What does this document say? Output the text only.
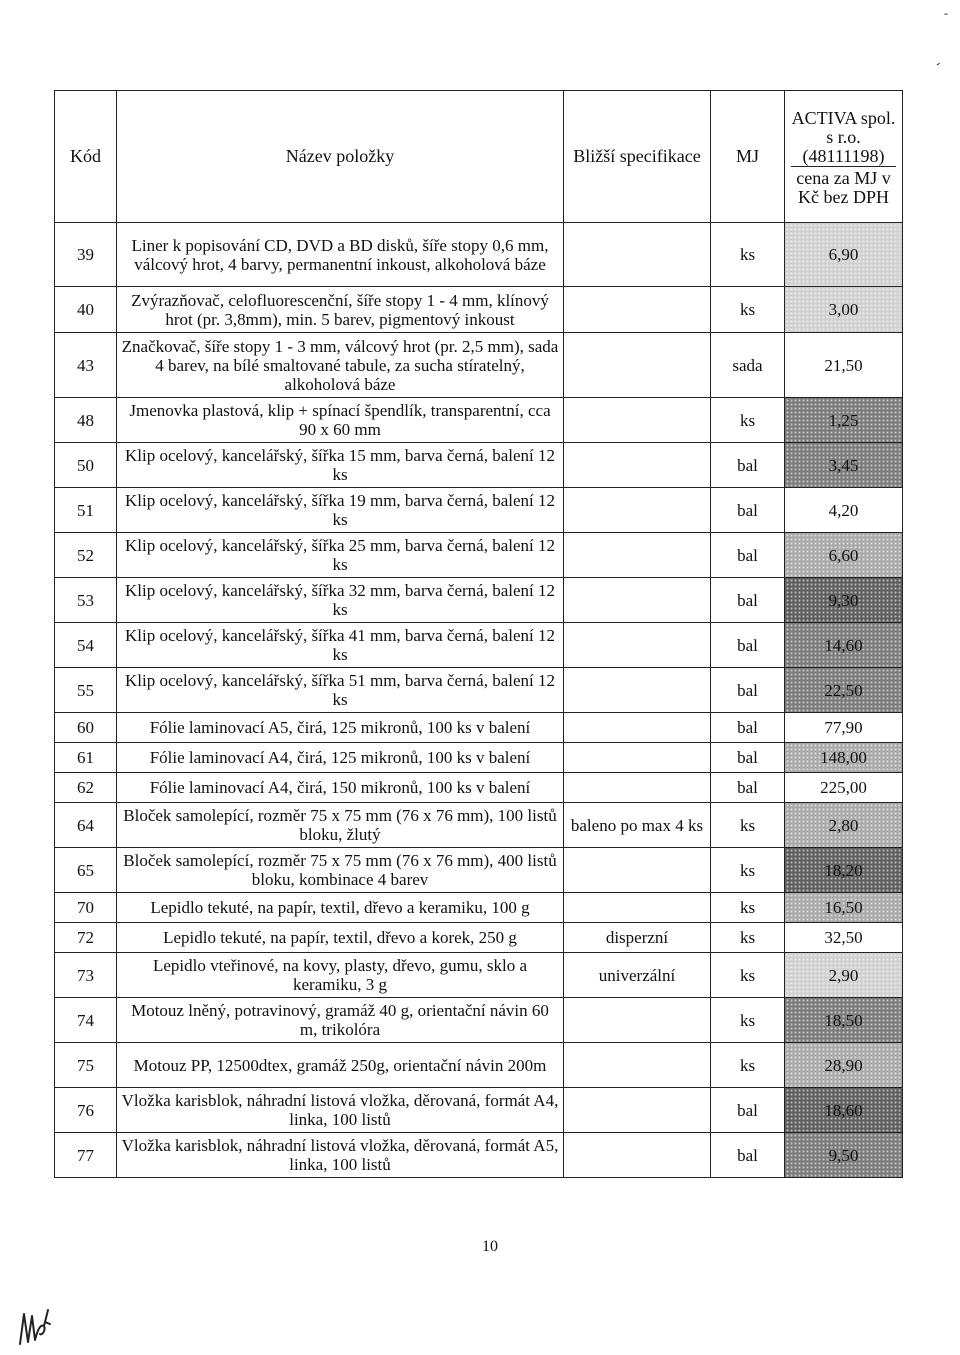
-
-
Kód	Název položky	Bližší specifikace	MJ	ACTIVA spol. s r.o.
(48111198)
cena za MJ v Kč bez DPH

39	Liner k popisování CD, DVD a BD disků, šíře stopy 0,6 mm, válcový hrot, 4 barvy, permanentní inkoust, alkoholová báze		ks	6,90
40	Zvýrazňovač, celofluorescenční, šíře stopy 1 - 4 mm, klínový hrot (pr. 3,8mm), min. 5 barev, pigmentový inkoust		ks	3,00
43	Značkovač, šíře stopy 1 - 3 mm, válcový hrot (pr. 2,5 mm), sada 4 barev, na bílé smaltované tabule, za sucha stíratelný, alkoholová báze		sada	21,50
48	Jmenovka plastová, klip + spínací špendlík, transparentní, cca 90 x 60 mm		ks	1,25
50	Klip ocelový, kancelářský, šířka 15 mm, barva černá, balení 12 ks		bal	3,45
51	Klip ocelový, kancelářský, šířka 19 mm, barva černá, balení 12 ks		bal	4,20
52	Klip ocelový, kancelářský, šířka 25 mm, barva černá, balení 12 ks		bal	6,60
53	Klip ocelový, kancelářský, šířka 32 mm, barva černá, balení 12 ks		bal	9,30
54	Klip ocelový, kancelářský, šířka 41 mm, barva černá, balení 12 ks		bal	14,60
55	Klip ocelový, kancelářský, šířka 51 mm, barva černá, balení 12 ks		bal	22,50
60	Fólie laminovací A5, čirá, 125 mikronů, 100 ks v balení		bal	77,90
61	Fólie laminovací A4, čirá, 125 mikronů, 100 ks v balení		bal	148,00
62	Fólie laminovací A4, čirá, 150 mikronů, 100 ks v balení		bal	225,00
64	Bloček samolepící, rozměr 75 x 75 mm (76 x 76 mm), 100 listů bloku, žlutý	baleno po max 4 ks	ks	2,80
65	Bloček samolepící, rozměr 75 x 75 mm (76 x 76 mm), 400 listů bloku, kombinace 4 barev		ks	18,20
70	Lepidlo tekuté, na papír, textil, dřevo a keramiku, 100 g		ks	16,50
72	Lepidlo tekuté, na papír, textil, dřevo a korek, 250 g	disperzní	ks	32,50
73	Lepidlo vteřinové, na kovy, plasty, dřevo, gumu, sklo a keramiku, 3 g	univerzální	ks	2,90
74	Motouz lněný, potravinový, gramáž 40 g, orientační návin 60 m, trikolóra		ks	18,50
75	Motouz PP, 12500dtex, gramáž 250g, orientační návin 200m		ks	28,90
76	Vložka karisblok, náhradní listová vložka, děrovaná, formát A4, linka, 100 listů		bal	18,60
77	Vložka karisblok, náhradní listová vložka, děrovaná, formát A5, linka, 100 listů		bal	9,50
10
